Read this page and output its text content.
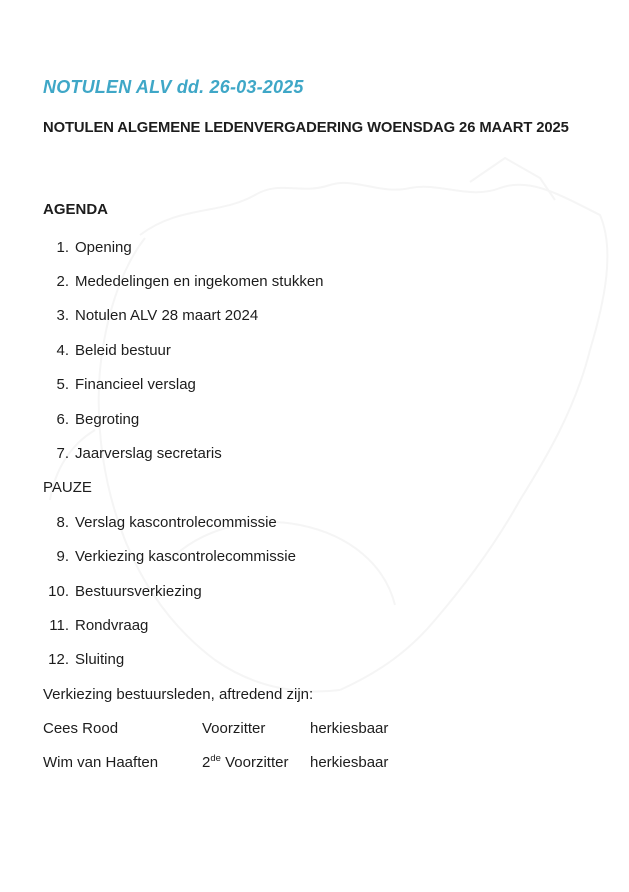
NOTULEN ALV dd. 26-03-2025
NOTULEN ALGEMENE LEDENVERGADERING WOENSDAG 26 MAART 2025
AGENDA
1. Opening
2. Mededelingen en ingekomen stukken
3. Notulen ALV 28 maart 2024
4. Beleid bestuur
5. Financieel verslag
6. Begroting
7. Jaarverslag secretaris
PAUZE
8. Verslag kascontrolecommissie
9. Verkiezing kascontrolecommissie
10. Bestuursverkiezing
11. Rondvraag
12. Sluiting
Verkiezing bestuursleden, aftredend zijn:
Cees Rood	Voorzitter	herkiesbaar
Wim van Haaften	2de Voorzitter	herkiesbaar
